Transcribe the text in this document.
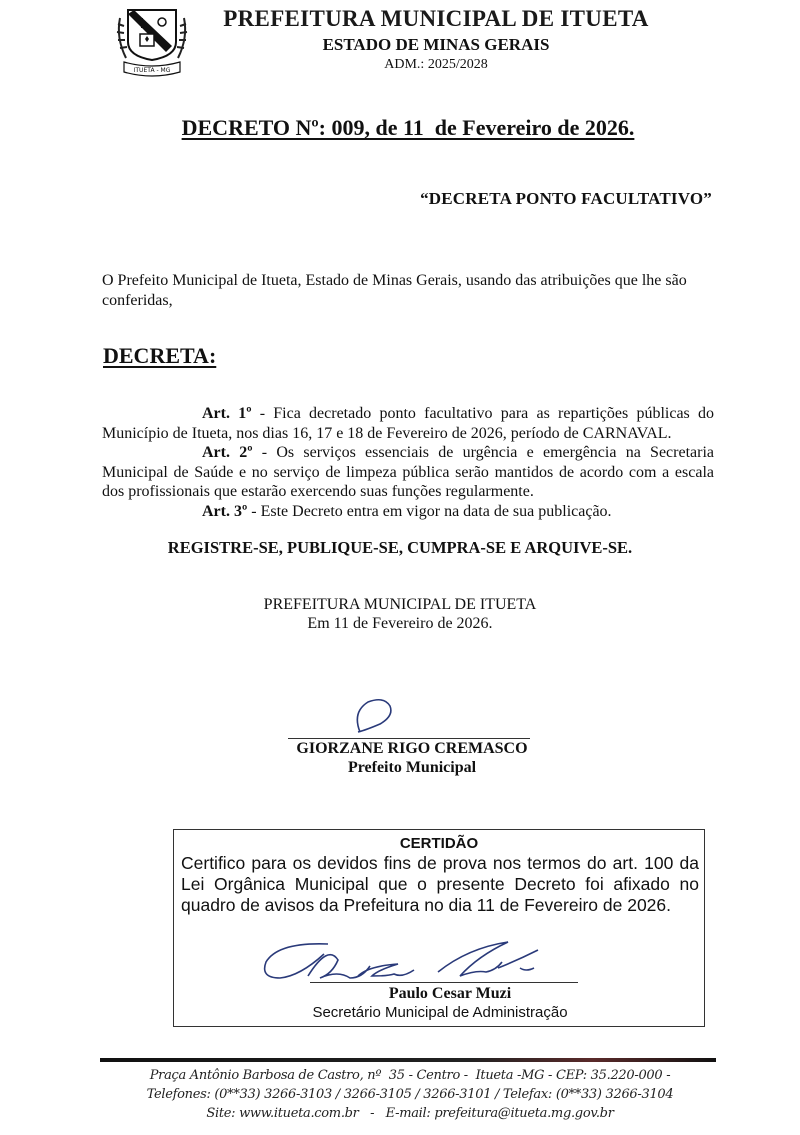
ITUETA - MG
PREFEITURA MUNICIPAL DE ITUETA
ESTADO DE MINAS GERAIS
ADM.: 2025/2028
DECRETO Nº: 009, de 11  de Fevereiro de 2026.
“DECRETA PONTO FACULTATIVO”
O Prefeito Municipal de Itueta, Estado de Minas Gerais, usando das atribuições que lhe são conferidas,
DECRETA:
Art. 1º - Fica decretado ponto facultativo para as repartições públicas do Município de Itueta, nos dias 16, 17 e 18 de Fevereiro de 2026, período de CARNAVAL.
Art. 2º - Os serviços essenciais de urgência e emergência na Secretaria Municipal de Saúde e no serviço de limpeza pública serão mantidos de acordo com a escala dos profissionais que estarão exercendo suas funções regularmente.
Art. 3º - Este Decreto entra em vigor na data de sua publicação.
REGISTRE-SE, PUBLIQUE-SE, CUMPRA-SE E ARQUIVE-SE.
PREFEITURA MUNICIPAL DE ITUETA
Em 11 de Fevereiro de 2026.
GIORZANE RIGO CREMASCO
Prefeito Municipal
CERTIDÃO
Certifico para os devidos fins de prova nos termos do art. 100 da Lei Orgânica Municipal que o presente Decreto foi afixado no quadro de avisos da Prefeitura no dia 11 de Fevereiro de 2026.
Paulo Cesar Muzi
Secretário Municipal de Administração
Praça Antônio Barbosa de Castro, nº  35 - Centro -  Itueta -MG - CEP: 35.220-000 -
Telefones: (0**33) 3266-3103 / 3266-3105 / 3266-3101 / Telefax: (0**33) 3266-3104
Site: www.itueta.com.br   -   E-mail: prefeitura@itueta.mg.gov.br
